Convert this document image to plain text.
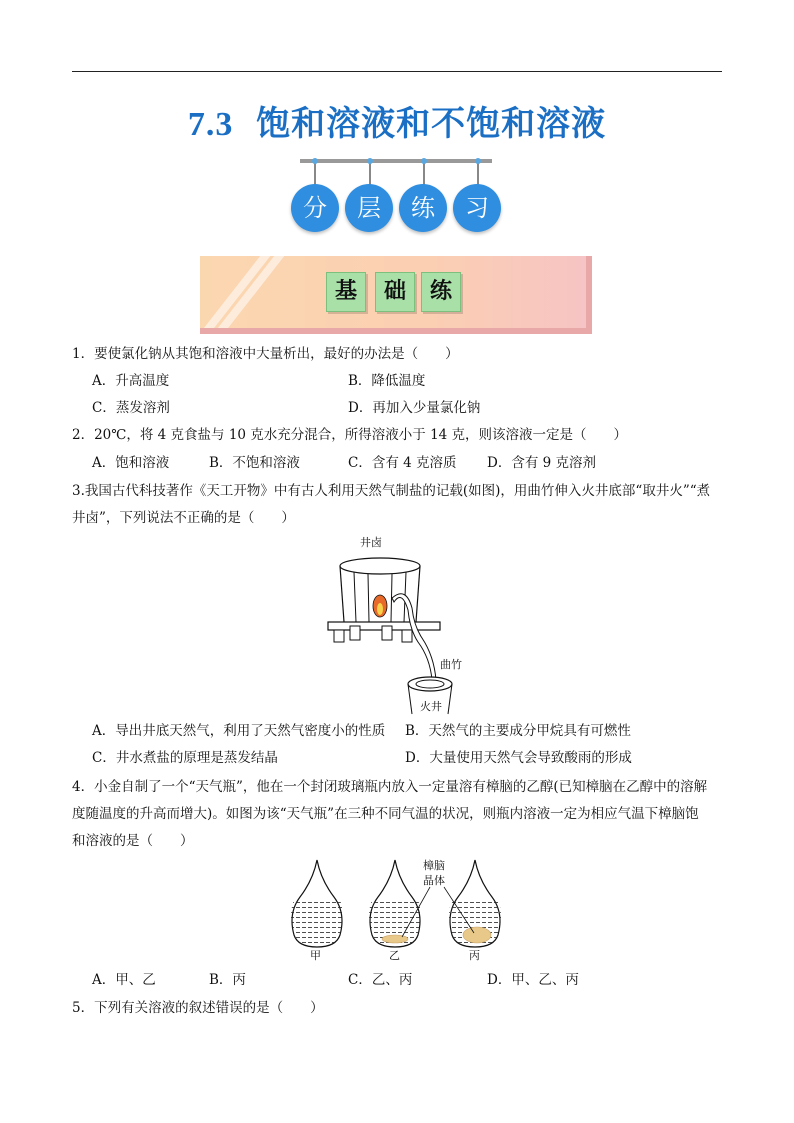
7.3 饱和溶液和不饱和溶液
分	层	练	习
基	础	练
1．要使氯化钠从其饱和溶液中大量析出，最好的办法是（　　）
A．升高温度	B．降低温度
C．蒸发溶剂	D．再加入少量氯化钠
2．20℃，将 4 克食盐与 10 克水充分混合，所得溶液小于 14 克，则该溶液一定是（　　）
A．饱和溶液	B．不饱和溶液	C．含有 4 克溶质 D．含有 9 克溶剂
3.我国古代科技著作《天工开物》中有古人利用天然气制盐的记载(如图)，用曲竹伸入火井底部“取井火”“煮
井卤”，下列说法不正确的是（　　）
井卤
曲竹
火井
A．导出井底天然气，利用了天然气密度小的性质 B．天然气的主要成分甲烷具有可燃性
C．井水煮盐的原理是蒸发结晶	D．大量使用天然气会导致酸雨的形成
4．小金自制了一个“天气瓶”，他在一个封闭玻璃瓶内放入一定量溶有樟脑的乙醇(已知樟脑在乙醇中的溶解
度随温度的升高而增大)。如图为该“天气瓶”在三种不同气温的状况，则瓶内溶液一定为相应气温下樟脑饱
和溶液的是（　　）
樟脑
晶体
甲	乙	丙
A．甲、乙	B．丙	C．乙、丙	D．甲、乙、丙
5．下列有关溶液的叙述错误的是（　　）
